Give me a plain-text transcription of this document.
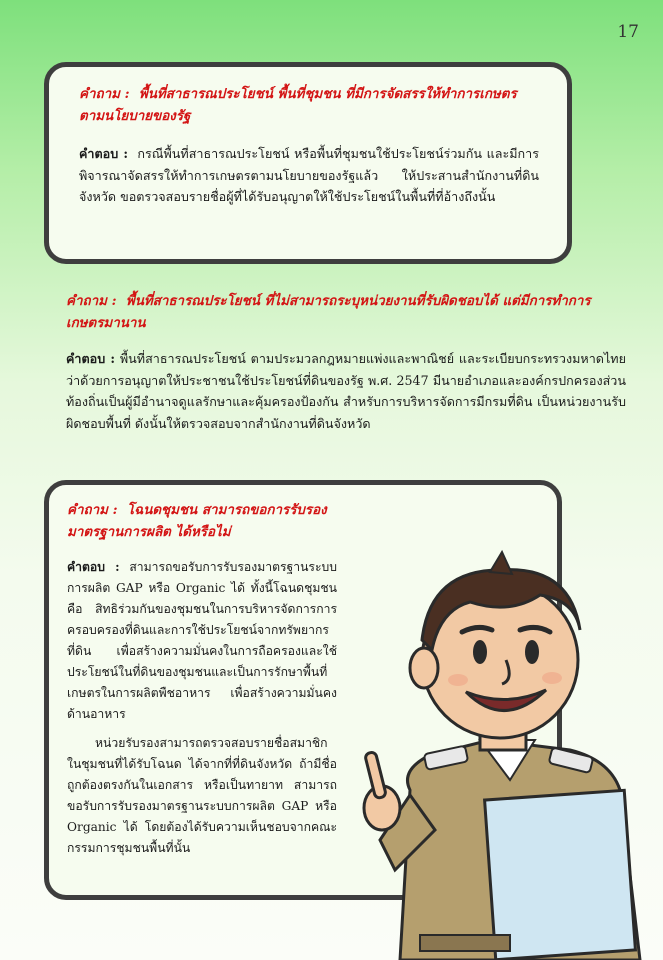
17

คำถาม : พื้นที่สาธารณประโยชน์ พื้นที่ชุมชน ที่มีการจัดสรรให้ทำการเกษตรตามนโยบายของรัฐ

คำตอบ : กรณีพื้นที่สาธารณประโยชน์ หรือพื้นที่ชุมชนใช้ประโยชน์ร่วมกัน และมีการพิจารณาจัดสรรให้ทำการเกษตรตามนโยบายของรัฐแล้ว ให้ประสานสำนักงานที่ดินจังหวัด ขอตรวจสอบรายชื่อผู้ที่ได้รับอนุญาตให้ใช้ประโยชน์ในพื้นที่ที่อ้างถึงนั้น

คำถาม : พื้นที่สาธารณประโยชน์ ที่ไม่สามารถระบุหน่วยงานที่รับผิดชอบได้ แต่มีการทำการเกษตรมานาน

คำตอบ : พื้นที่สาธารณประโยชน์ ตามประมวลกฎหมายแพ่งและพาณิชย์ และระเบียบกระทรวงมหาดไทยว่าด้วยการอนุญาตให้ประชาชนใช้ประโยชน์ที่ดินของรัฐ พ.ศ. 2547 มีนายอำเภอและองค์กรปกครองส่วนท้องถิ่นเป็นผู้มีอำนาจดูแลรักษาและคุ้มครองป้องกัน สำหรับการบริหารจัดการมีกรมที่ดิน เป็นหน่วยงานรับผิดชอบพื้นที่ ดังนั้นให้ตรวจสอบจากสำนักงานที่ดินจังหวัด

คำถาม : โฉนดชุมชน สามารถขอการรับรองมาตรฐานการผลิต ได้หรือไม่

คำตอบ : สามารถขอรับการรับรองมาตรฐานระบบการผลิต GAP หรือ Organic ได้ ทั้งนี้โฉนดชุมชนคือ สิทธิร่วมกันของชุมชนในการบริหารจัดการการครอบครองที่ดินและการใช้ประโยชน์จากทรัพยากรที่ดิน เพื่อสร้างความมั่นคงในการถือครองและใช้ประโยชน์ในที่ดินของชุมชนและเป็นการรักษาพื้นที่เกษตรในการผลิตพืชอาหาร เพื่อสร้างความมั่นคงด้านอาหาร

หน่วยรับรองสามารถตรวจสอบรายชื่อสมาชิกในชุมชนที่ได้รับโฉนด ได้จากที่ที่ดินจังหวัด ถ้ามีชื่อถูกต้องตรงกันในเอกสาร หรือเป็นทายาท สามารถขอรับการรับรองมาตรฐานระบบการผลิต GAP หรือ Organic ได้ โดยต้องได้รับความเห็นชอบจากคณะกรรมการชุมชนพื้นที่นั้น
